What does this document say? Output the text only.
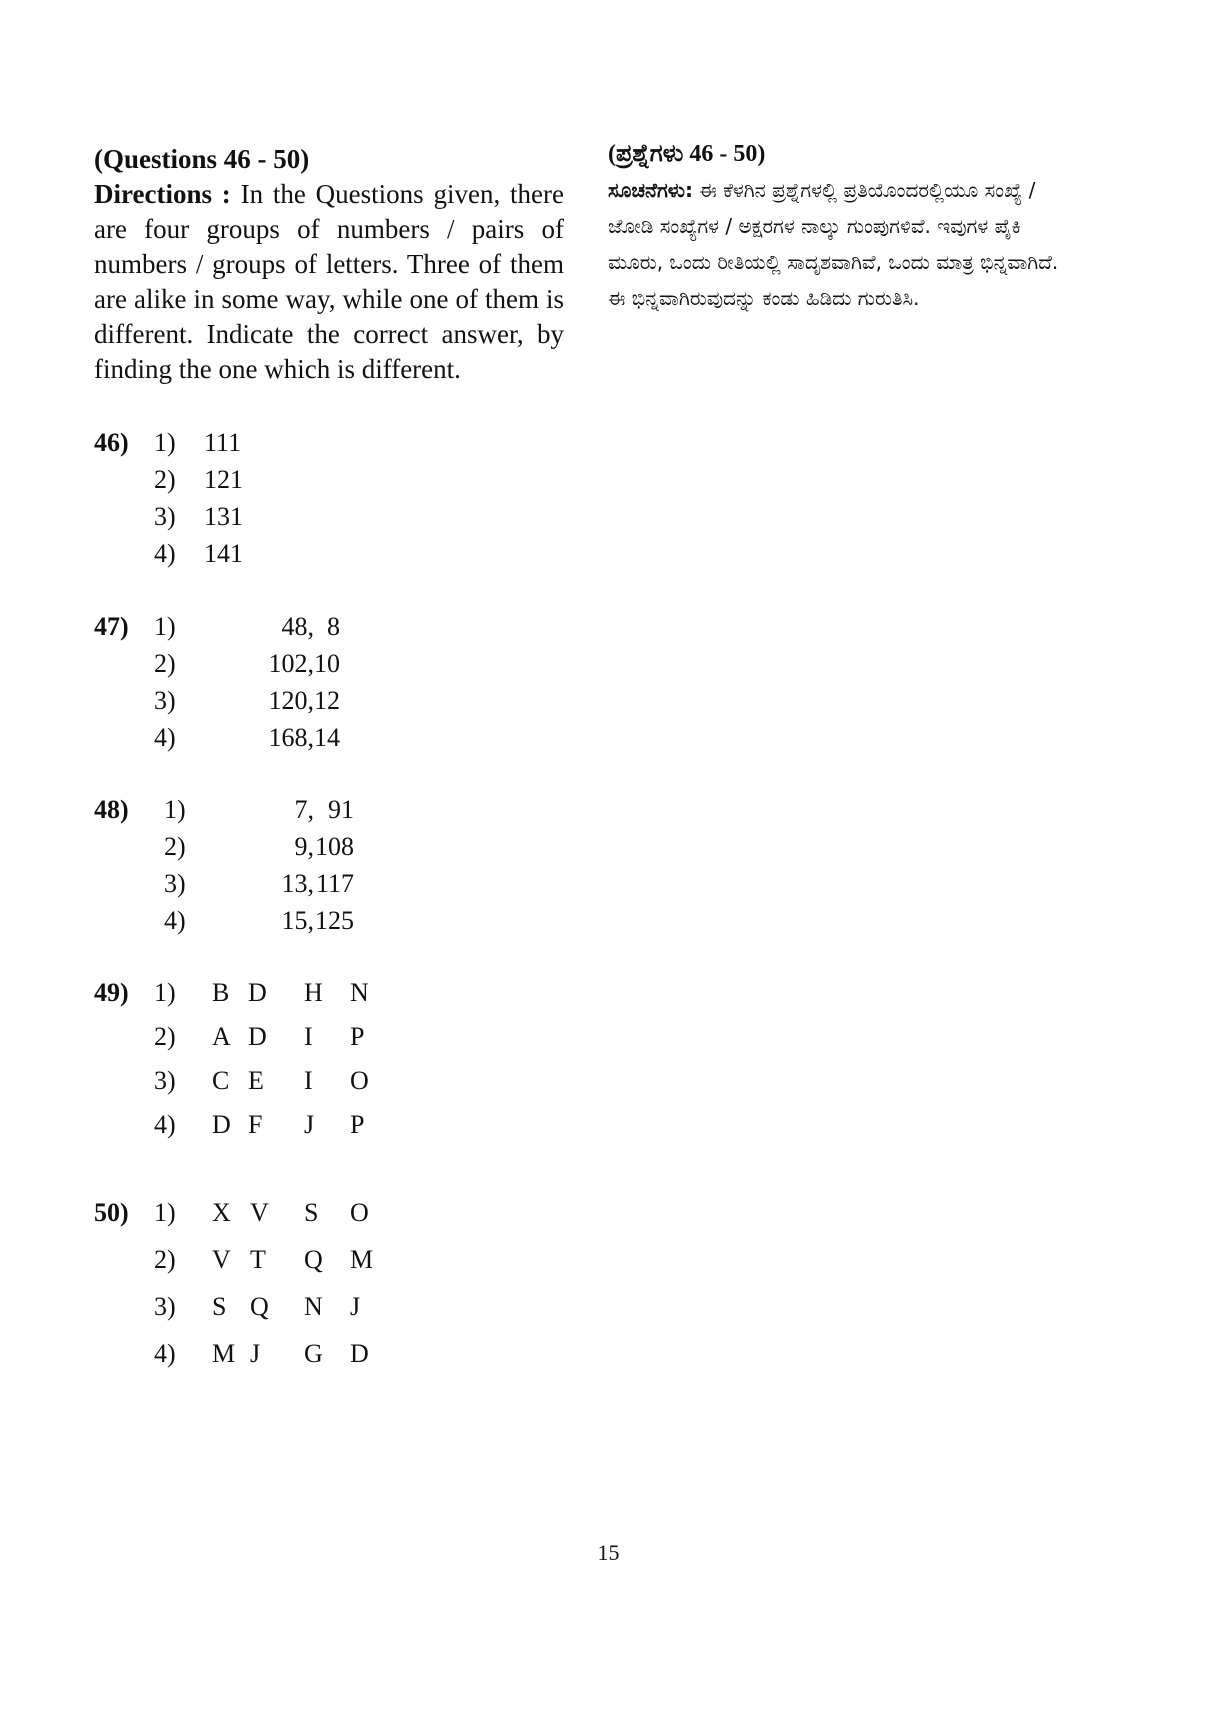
(Questions 46 - 50)
Directions : In the Questions given, there are four groups of numbers / pairs of numbers / groups of letters. Three of them are alike in some way, while one of them is different. Indicate the correct answer, by finding the one which is different.
(ಪ್ರಶ್ನೆಗಳು 46 - 50)
ಸೂಚನೆಗಳು: ಈ ಕೆಳಗಿನ ಪ್ರಶ್ನೆಗಳಲ್ಲಿ ಪ್ರತಿಯೊಂದರಲ್ಲಿಯೂ ಸಂಖ್ಯೆ / ಜೋಡಿ ಸಂಖ್ಯೆಗಳ / ಅಕ್ಷರಗಳ ನಾಲ್ಕು ಗುಂಪುಗಳಿವೆ. ಇವುಗಳ ಪೈಕಿ ಮೂರು, ಒಂದು ರೀತಿಯಲ್ಲಿ ಸಾದೃಶವಾಗಿವೆ, ಒಂದು ಮಾತ್ರ ಭಿನ್ನವಾಗಿದೆ. ಈ ಭಿನ್ನವಾಗಿರುವುದನ್ನು ಕಂಡು ಹಿಡಿದು ಗುರುತಿಸಿ.
46) 1) 111
2) 121
3) 131
4) 141
47) 1)	48, 8
2)	102, 10
3)	120, 12
4)	168, 14
48) 1)	7, 91
2)	9, 108
3)	13, 117
4)	15, 125
49) 1) B D H N
2) A D I P
3) C E I O
4) D F J P
50) 1) X V S O
2) V T Q M
3) S Q N J
4) M J G D
15
